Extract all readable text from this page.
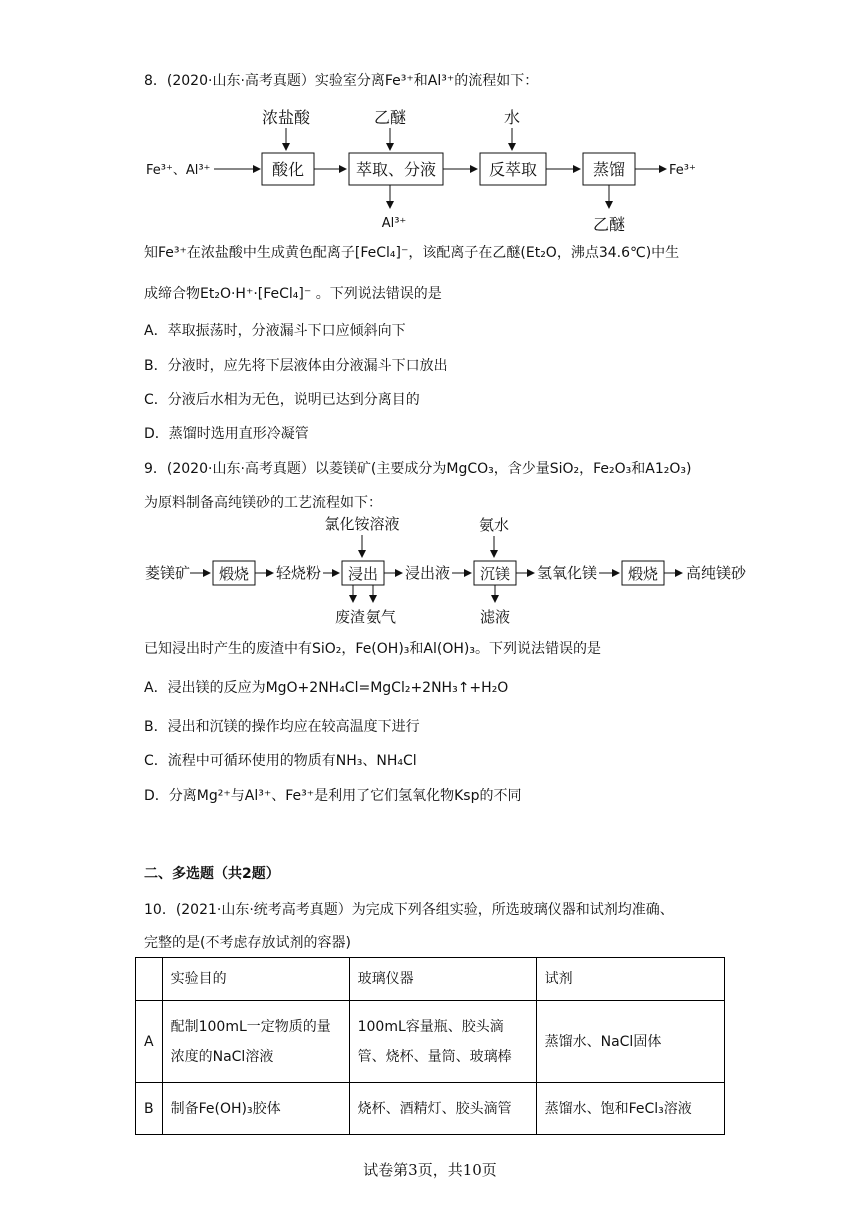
8．(2020·山东·高考真题）实验室分离Fe³⁺和Al³⁺的流程如下：
浓盐酸	乙醚	水
Fe³⁺、Al³⁺	酸化	萃取、分液	反萃取	蒸馏	Fe³⁺
Al³⁺	乙醚
知Fe³⁺在浓盐酸中生成黄色配离子[FeCl₄]⁻，该配离子在乙醚(Et₂O，沸点34.6℃)中生
成缔合物Et₂O·H⁺·[FeCl₄]⁻ 。下列说法错误的是
A．萃取振荡时，分液漏斗下口应倾斜向下
B．分液时，应先将下层液体由分液漏斗下口放出
C．分液后水相为无色，说明已达到分离目的
D．蒸馏时选用直形冷凝管
9．(2020·山东·高考真题）以菱镁矿(主要成分为MgCO₃，含少量SiO₂，Fe₂O₃和A1₂O₃)
为原料制备高纯镁砂的工艺流程如下：
氯化铵溶液	氨水
菱镁矿 煅烧 轻烧粉 浸出 浸出液 沉镁 氢氧化镁 煅烧 高纯镁砂
废渣 氨气	滤液
已知浸出时产生的废渣中有SiO₂，Fe(OH)₃和Al(OH)₃。下列说法错误的是
A．浸出镁的反应为MgO+2NH₄Cl=MgCl₂+2NH₃↑+H₂O
B．浸出和沉镁的操作均应在较高温度下进行
C．流程中可循环使用的物质有NH₃、NH₄Cl
D．分离Mg²⁺与Al³⁺、Fe³⁺是利用了它们氢氧化物Ksp的不同
二、多选题（共2题）
10．(2021·山东·统考高考真题）为完成下列各组实验，所选玻璃仪器和试剂均准确、
完整的是(不考虑存放试剂的容器)
	实验目的	玻璃仪器	试剂
A	配制100mL一定物质的量浓度的NaCl溶液	100mL容量瓶、胶头滴管、烧杯、量筒、玻璃棒	蒸馏水、NaCl固体
B	制备Fe(OH)₃胶体	烧杯、酒精灯、胶头滴管	蒸馏水、饱和FeCl₃溶液
试卷第3页，共10页
